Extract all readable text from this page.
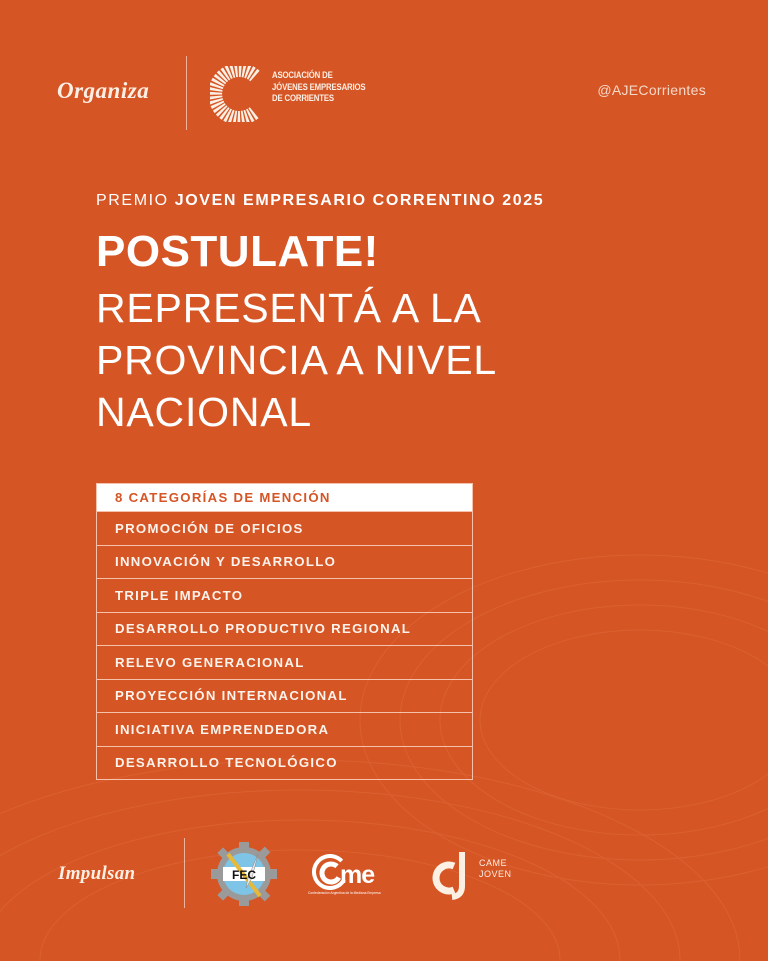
Organiza
ASOCIACIÓN DE
JÓVENES EMPRESARIOS
DE CORRIENTES
@AJECorrientes
PREMIO JOVEN EMPRESARIO CORRENTINO 2025
POSTULATE!
REPRESENTÁ A LA
PROVINCIA A NIVEL
NACIONAL
8 CATEGORÍAS DE MENCIÓN
PROMOCIÓN DE OFICIOS
INNOVACIÓN Y DESARROLLO
TRIPLE IMPACTO
DESARROLLO PRODUCTIVO REGIONAL
RELEVO GENERACIONAL
PROYECCIÓN INTERNACIONAL
INICIATIVA EMPRENDEDORA
DESARROLLO TECNOLÓGICO
Impulsan	FEC	me
Confederación Argentina de la Mediana Empresa
CAME
JOVEN
